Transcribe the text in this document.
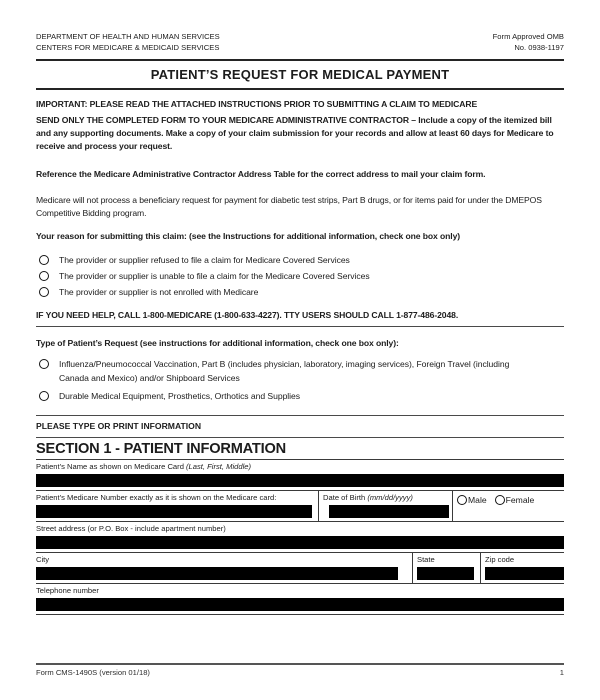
DEPARTMENT OF HEALTH AND HUMAN SERVICES
CENTERS FOR MEDICARE & MEDICAID SERVICES
Form Approved OMB
No. 0938-1197
PATIENT’S REQUEST FOR MEDICAL PAYMENT
IMPORTANT: PLEASE READ THE ATTACHED INSTRUCTIONS PRIOR TO SUBMITTING A CLAIM TO MEDICARE
SEND ONLY THE COMPLETED FORM TO YOUR MEDICARE ADMINISTRATIVE CONTRACTOR – Include a copy of the itemized bill and any supporting documents. Make a copy of your claim submission for your records and allow at least 60 days for Medicare to receive and process your request.
Reference the Medicare Administrative Contractor Address Table for the correct address to mail your claim form.
Medicare will not process a beneficiary request for payment for diabetic test strips, Part B drugs, or for items paid for under the DMEPOS Competitive Bidding program.
Your reason for submitting this claim: (see the Instructions for additional information, check one box only)
The provider or supplier refused to file a claim for Medicare Covered Services
The provider or supplier is unable to file a claim for the Medicare Covered Services
The provider or supplier is not enrolled with Medicare
IF YOU NEED HELP, CALL 1-800-MEDICARE (1-800-633-4227). TTY USERS SHOULD CALL 1-877-486-2048.
Type of Patient’s Request (see instructions for additional information, check one box only):
Influenza/Pneumococcal Vaccination, Part B (includes physician, laboratory, imaging services), Foreign Travel (including Canada and Mexico) and/or Shipboard Services
Durable Medical Equipment, Prosthetics, Orthotics and Supplies
PLEASE TYPE OR PRINT INFORMATION
SECTION 1 - PATIENT INFORMATION
Patient's Name as shown on Medicare Card (Last, First, Middle)
Patient's Medicare Number exactly as it is shown on the Medicare card:	Date of Birth (mm/dd/yyyy)	Male Female
Street address (or P.O. Box - include apartment number)
City	State	Zip code
Telephone number
Form CMS-1490S (version 01/18)	1
